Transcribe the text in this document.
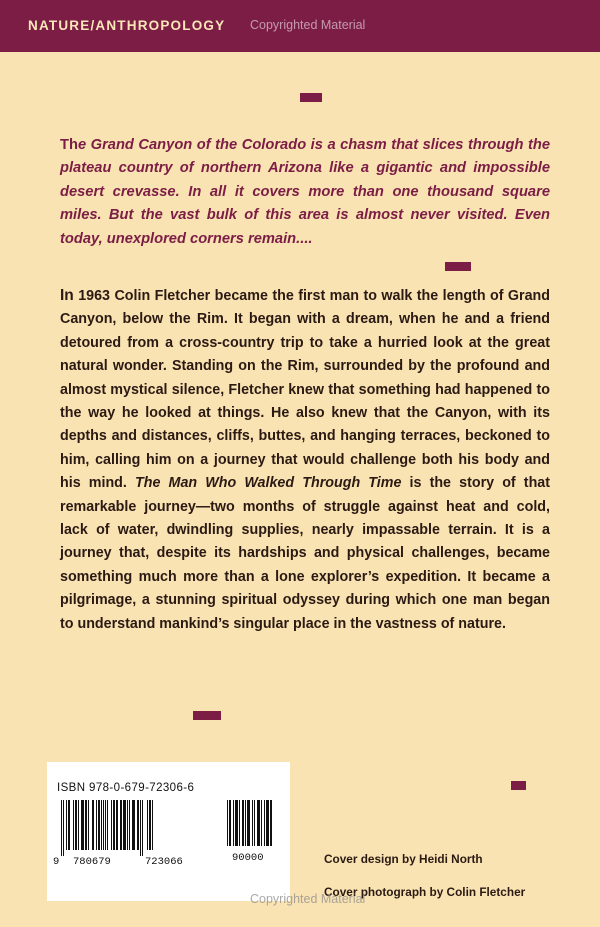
NATURE/ANTHROPOLOGY Copyrighted Material

The Grand Canyon of the Colorado is a chasm that slices through the plateau country of northern Arizona like a gigantic and impossible desert crevasse. In all it covers more than one thousand square miles. But the vast bulk of this area is almost never visited. Even today, unexplored corners remain....

In 1963 Colin Fletcher became the first man to walk the length of Grand Canyon, below the Rim. It began with a dream, when he and a friend detoured from a cross-country trip to take a hurried look at the great natural wonder. Standing on the Rim, surrounded by the profound and almost mystical silence, Fletcher knew that something had happened to the way he looked at things. He also knew that the Canyon, with its depths and distances, cliffs, buttes, and hanging terraces, beckoned to him, calling him on a journey that would challenge both his body and his mind. The Man Who Walked Through Time is the story of that remarkable journey—two months of struggle against heat and cold, lack of water, dwindling supplies, nearly impassable terrain. It is a journey that, despite its hardships and physical challenges, became something much more than a lone explorer’s expedition. It became a pilgrimage, a stunning spiritual odyssey during which one man began to understand mankind’s singular place in the vastness of nature.

ISBN 978-0-679-72306-6
9 780679	723066	90000	Cover design by Heidi North
Cover photograph by Colin Fletcher
Copyrighted Material
